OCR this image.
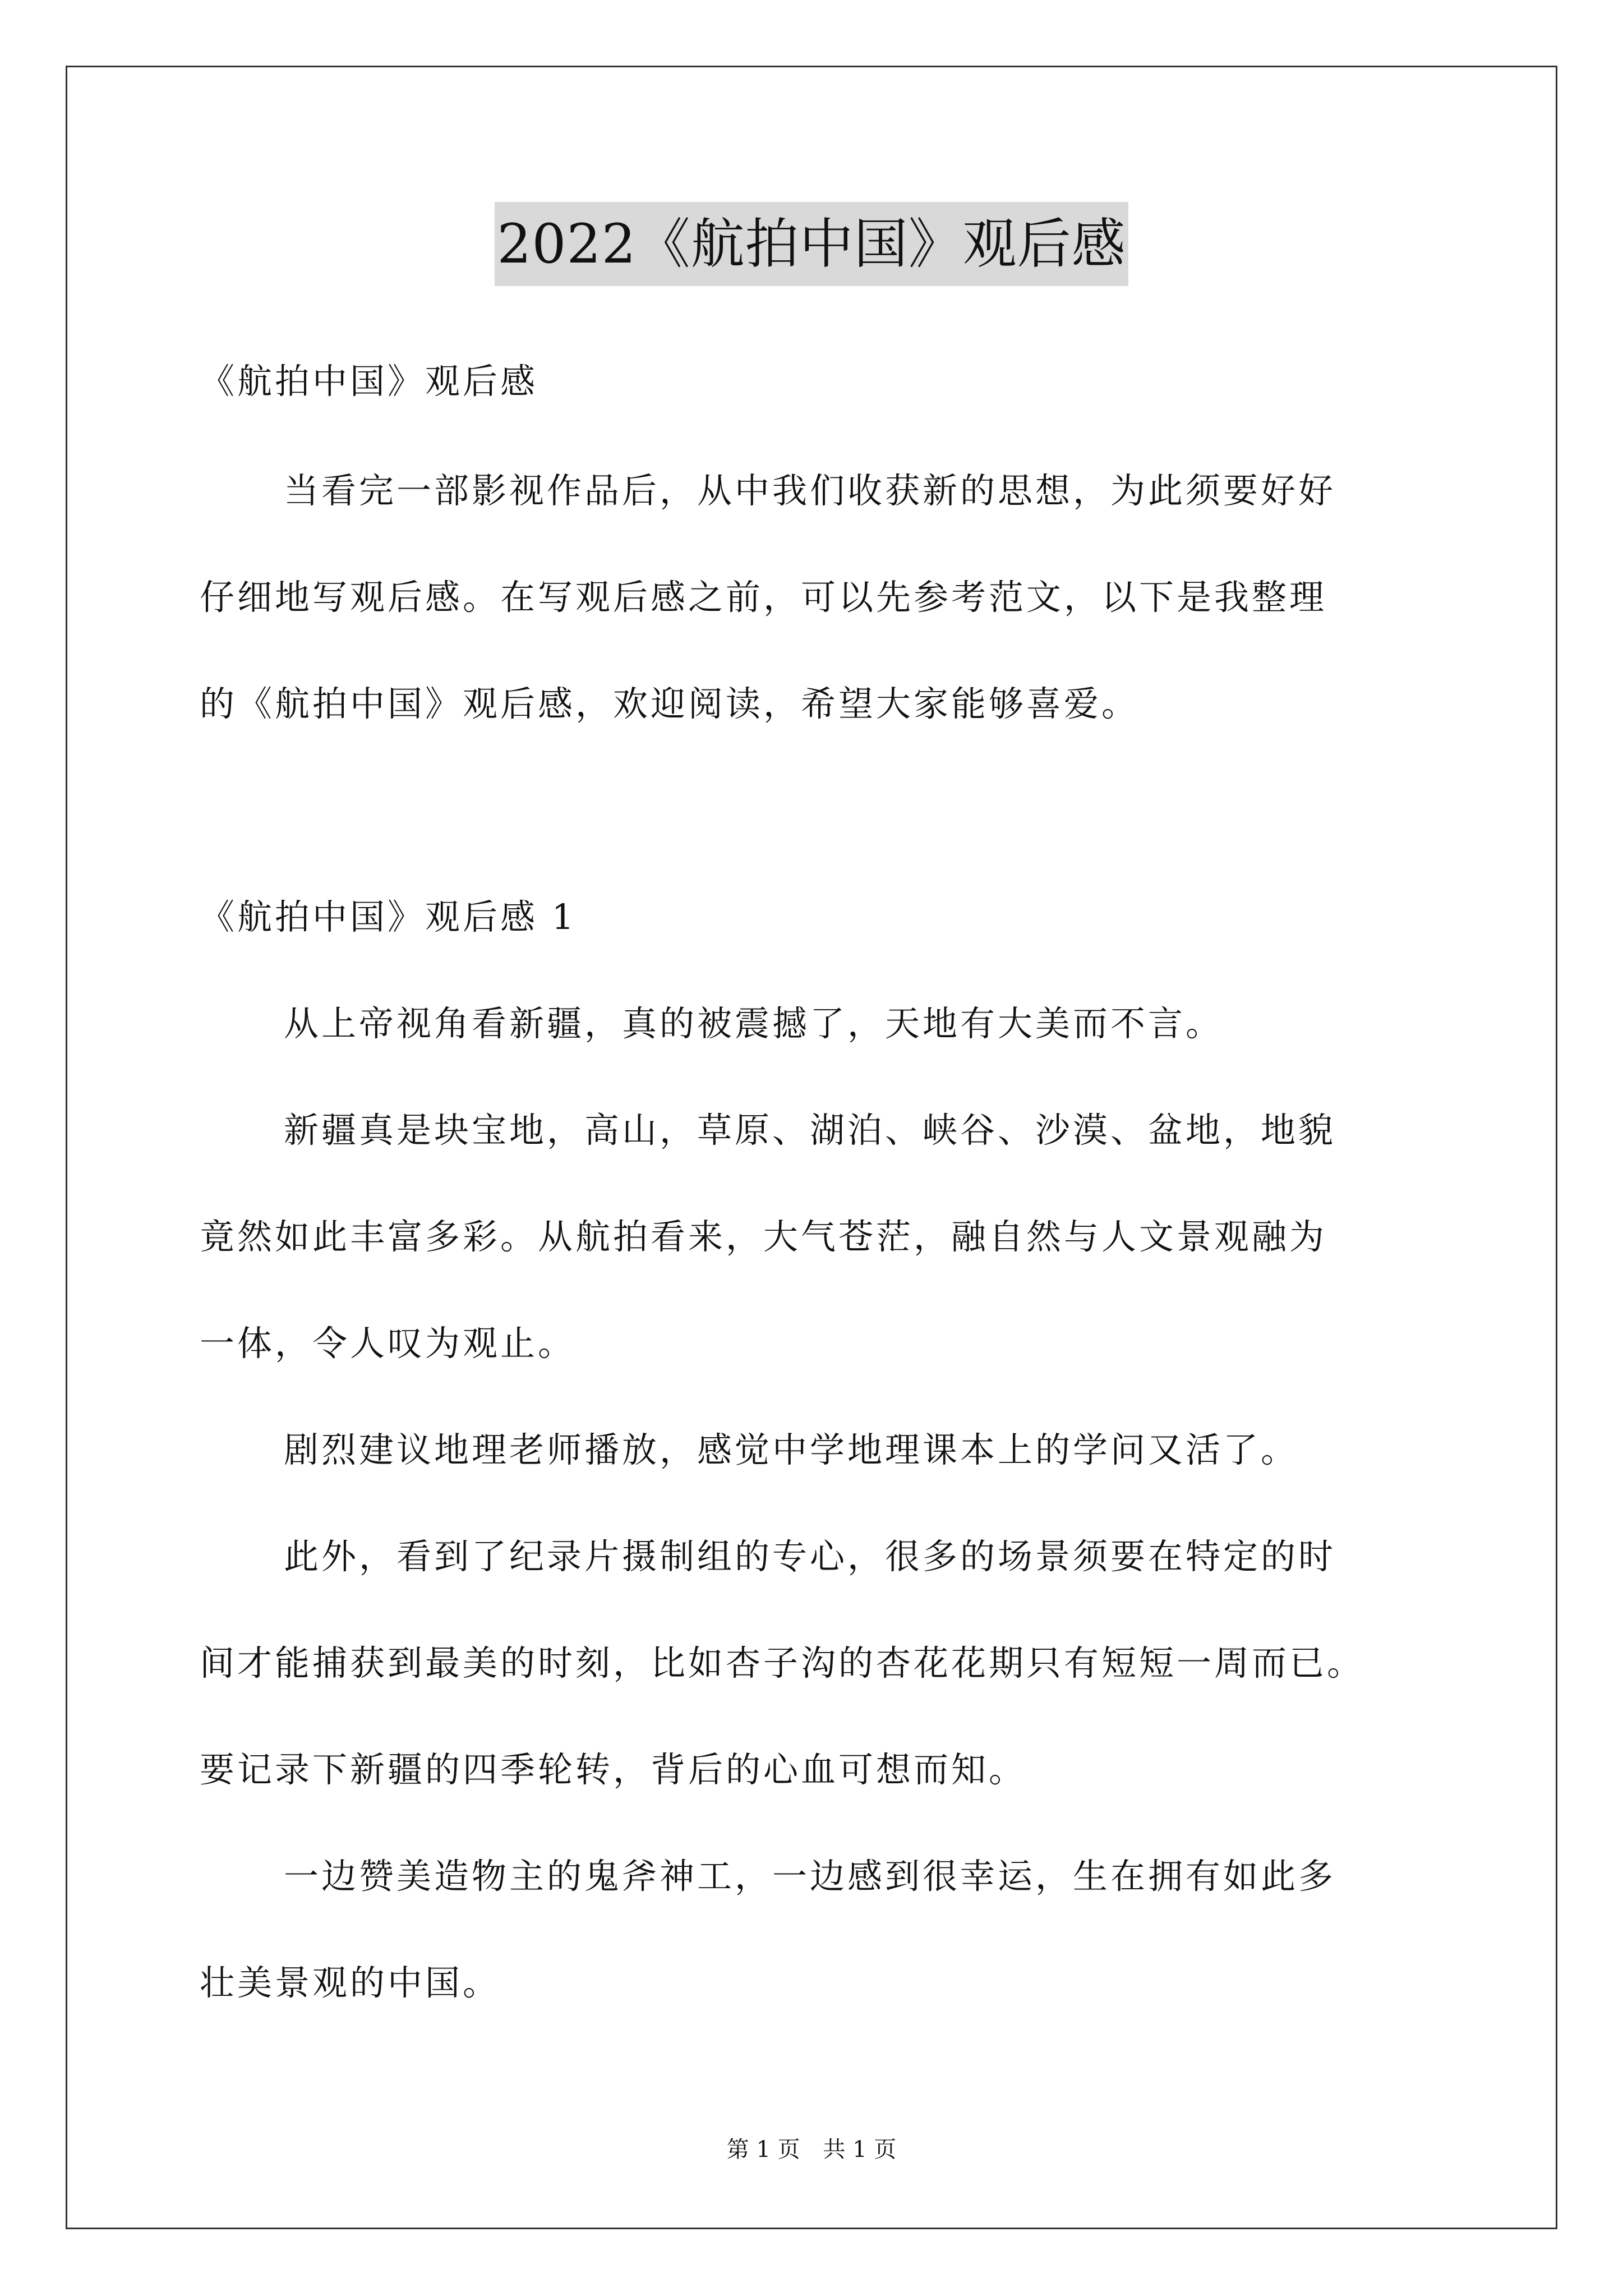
2022《航拍中国》观后感
《航拍中国》观后感
当看完一部影视作品后，从中我们收获新的思想，为此须要好好
仔细地写观后感。在写观后感之前，可以先参考范文，以下是我整理
的《航拍中国》观后感，欢迎阅读，希望大家能够喜爱。
《航拍中国》观后感 1
从上帝视角看新疆，真的被震撼了，天地有大美而不言。
新疆真是块宝地，高山，草原、湖泊、峡谷、沙漠、盆地，地貌
竟然如此丰富多彩。从航拍看来，大气苍茫，融自然与人文景观融为
一体，令人叹为观止。
剧烈建议地理老师播放，感觉中学地理课本上的学问又活了。
此外，看到了纪录片摄制组的专心，很多的场景须要在特定的时
间才能捕获到最美的时刻，比如杏子沟的杏花花期只有短短一周而已。
要记录下新疆的四季轮转，背后的心血可想而知。
一边赞美造物主的鬼斧神工，一边感到很幸运，生在拥有如此多
壮美景观的中国。
第 1 页 共 1 页
